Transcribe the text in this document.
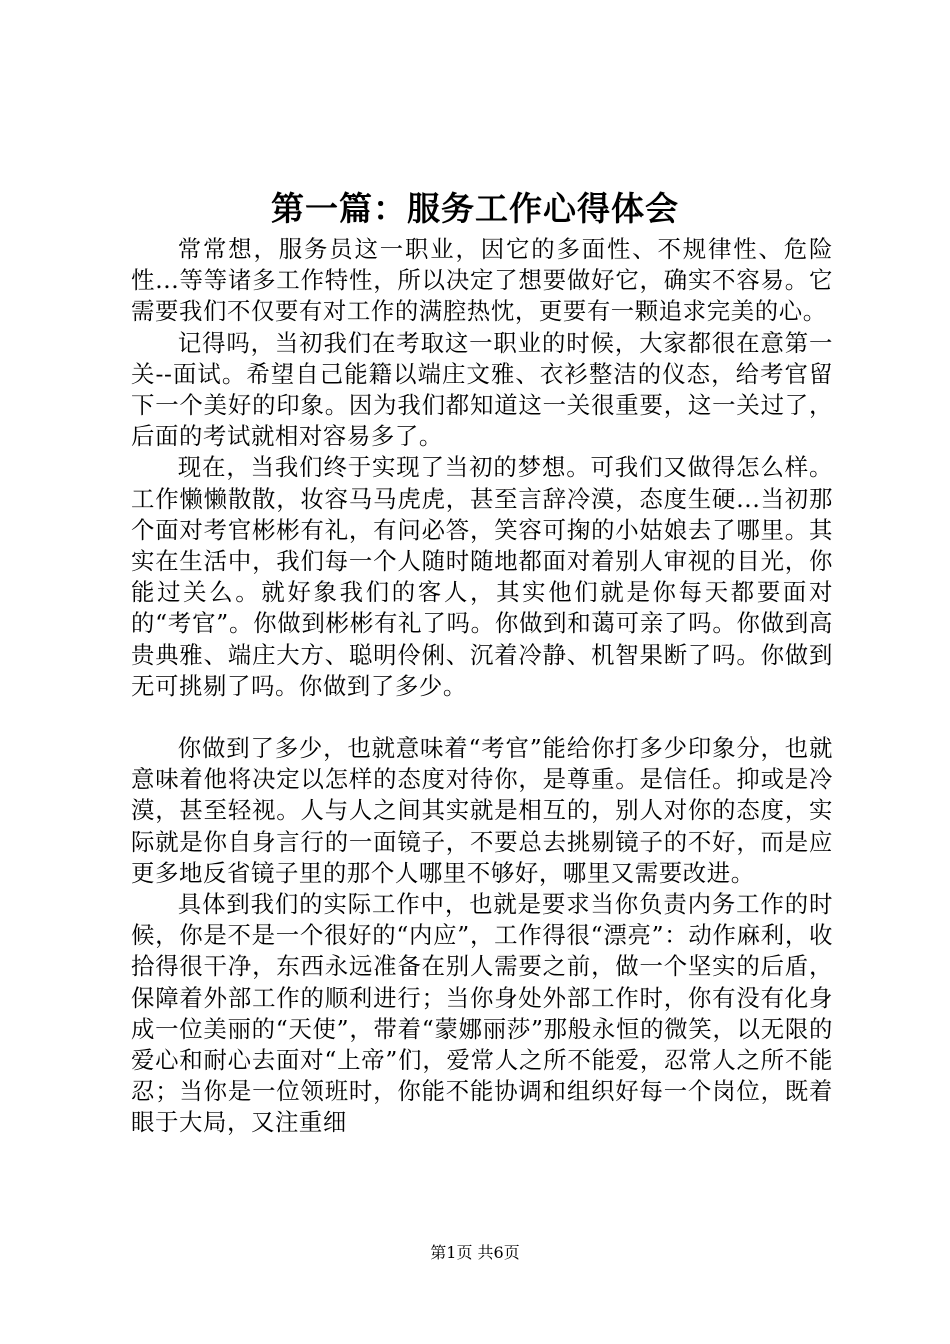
第一篇：服务工作心得体会

常常想，服务员这一职业，因它的多面性、不规律性、危险性...等等诸多工作特性，所以决定了想要做好它，确实不容易。它需要我们不仅要有对工作的满腔热忱，更要有一颗追求完美的心。

记得吗，当初我们在考取这一职业的时候，大家都很在意第一关--面试。希望自己能籍以端庄文雅、衣衫整洁的仪态，给考官留下一个美好的印象。因为我们都知道这一关很重要，这一关过了，后面的考试就相对容易多了。

现在，当我们终于实现了当初的梦想。可我们又做得怎么样。工作懒懒散散，妆容马马虎虎，甚至言辞冷漠，态度生硬...当初那个面对考官彬彬有礼，有问必答，笑容可掬的小姑娘去了哪里。其实在生活中，我们每一个人随时随地都面对着别人审视的目光，你能过关么。就好象我们的客人，其实他们就是你每天都要面对的“考官”。你做到彬彬有礼了吗。你做到和蔼可亲了吗。你做到高贵典雅、端庄大方、聪明伶俐、沉着冷静、机智果断了吗。你做到无可挑剔了吗。你做到了多少。

你做到了多少，也就意味着“考官”能给你打多少印象分，也就意味着他将决定以怎样的态度对待你，是尊重。是信任。抑或是冷漠，甚至轻视。人与人之间其实就是相互的，别人对你的态度，实际就是你自身言行的一面镜子，不要总去挑剔镜子的不好，而是应更多地反省镜子里的那个人哪里不够好，哪里又需要改进。

具体到我们的实际工作中，也就是要求当你负责内务工作的时候，你是不是一个很好的“内应”，工作得很“漂亮”：动作麻利，收拾得很干净，东西永远准备在别人需要之前，做一个坚实的后盾，保障着外部工作的顺利进行；当你身处外部工作时，你有没有化身成一位美丽的“天使”，带着“蒙娜丽莎”那般永恒的微笑，以无限的爱心和耐心去面对“上帝”们，爱常人之所不能爱，忍常人之所不能忍；当你是一位领班时，你能不能协调和组织好每一个岗位，既着眼于大局，又注重细

第1页 共6页
